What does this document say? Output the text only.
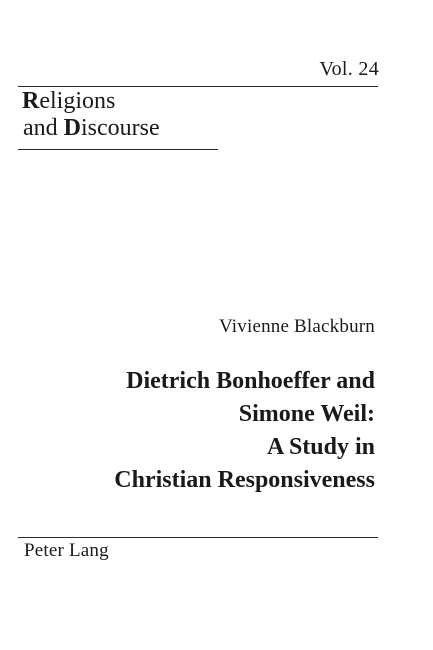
Vol. 24
Religions
and Discourse
Vivienne Blackburn
Dietrich Bonhoeffer and
Simone Weil:
A Study in
Christian Responsiveness
Peter Lang
